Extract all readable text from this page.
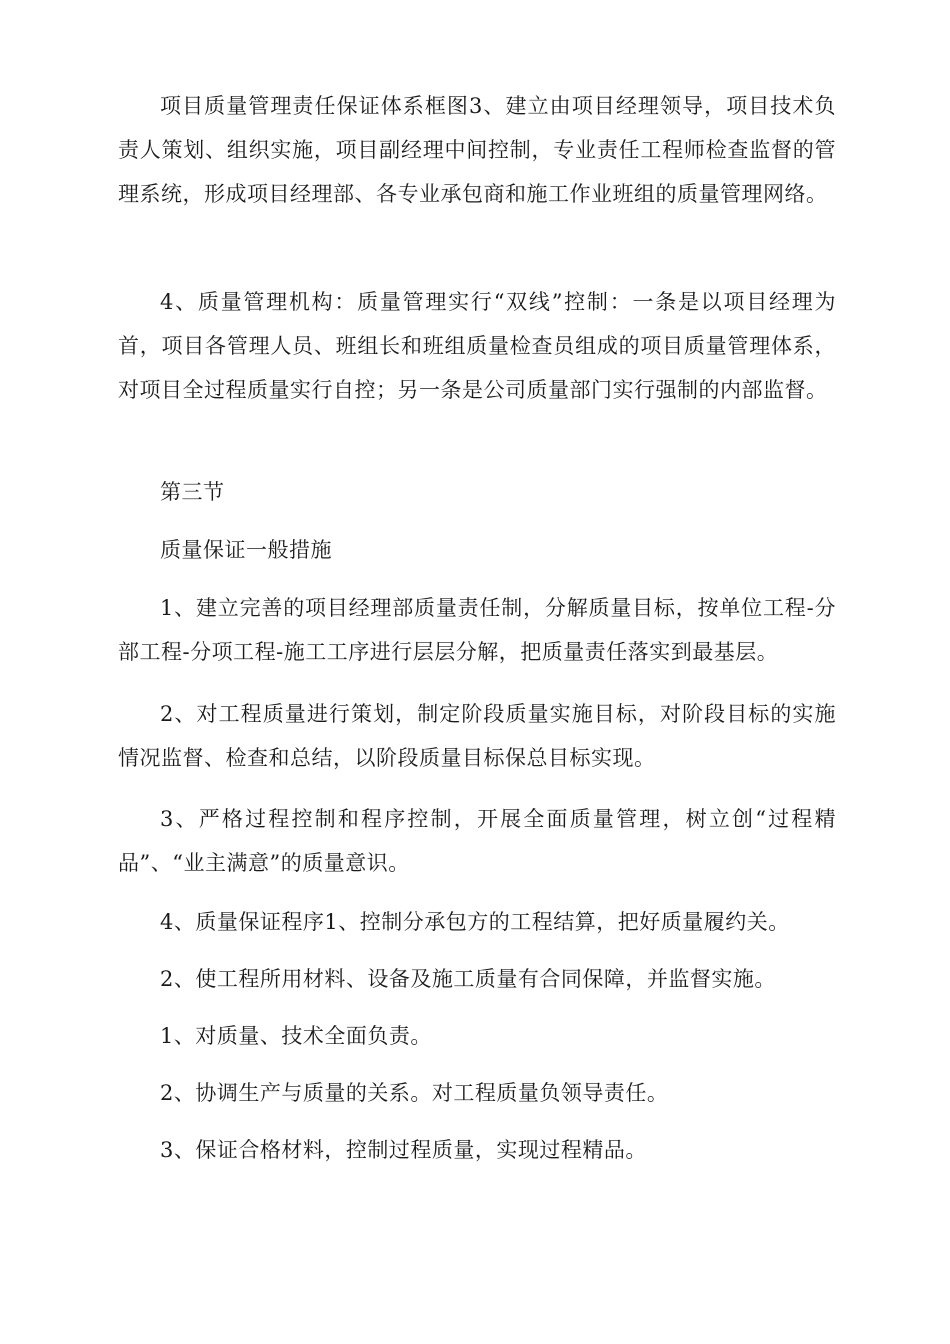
项目质量管理责任保证体系框图3、建立由项目经理领导，项目技术负责人策划、组织实施，项目副经理中间控制，专业责任工程师检查监督的管理系统，形成项目经理部、各专业承包商和施工作业班组的质量管理网络。

4、质量管理机构：质量管理实行“双线”控制：一条是以项目经理为首，项目各管理人员、班组长和班组质量检查员组成的项目质量管理体系，对项目全过程质量实行自控；另一条是公司质量部门实行强制的内部监督。

第三节

质量保证一般措施

1、建立完善的项目经理部质量责任制，分解质量目标，按单位工程-分部工程-分项工程-施工工序进行层层分解，把质量责任落实到最基层。

2、对工程质量进行策划，制定阶段质量实施目标，对阶段目标的实施情况监督、检查和总结，以阶段质量目标保总目标实现。

3、严格过程控制和程序控制，开展全面质量管理，树立创“过程精品”、“业主满意”的质量意识。

4、质量保证程序1、控制分承包方的工程结算，把好质量履约关。

2、使工程所用材料、设备及施工质量有合同保障，并监督实施。

1、对质量、技术全面负责。

2、协调生产与质量的关系。对工程质量负领导责任。

3、保证合格材料，控制过程质量，实现过程精品。
